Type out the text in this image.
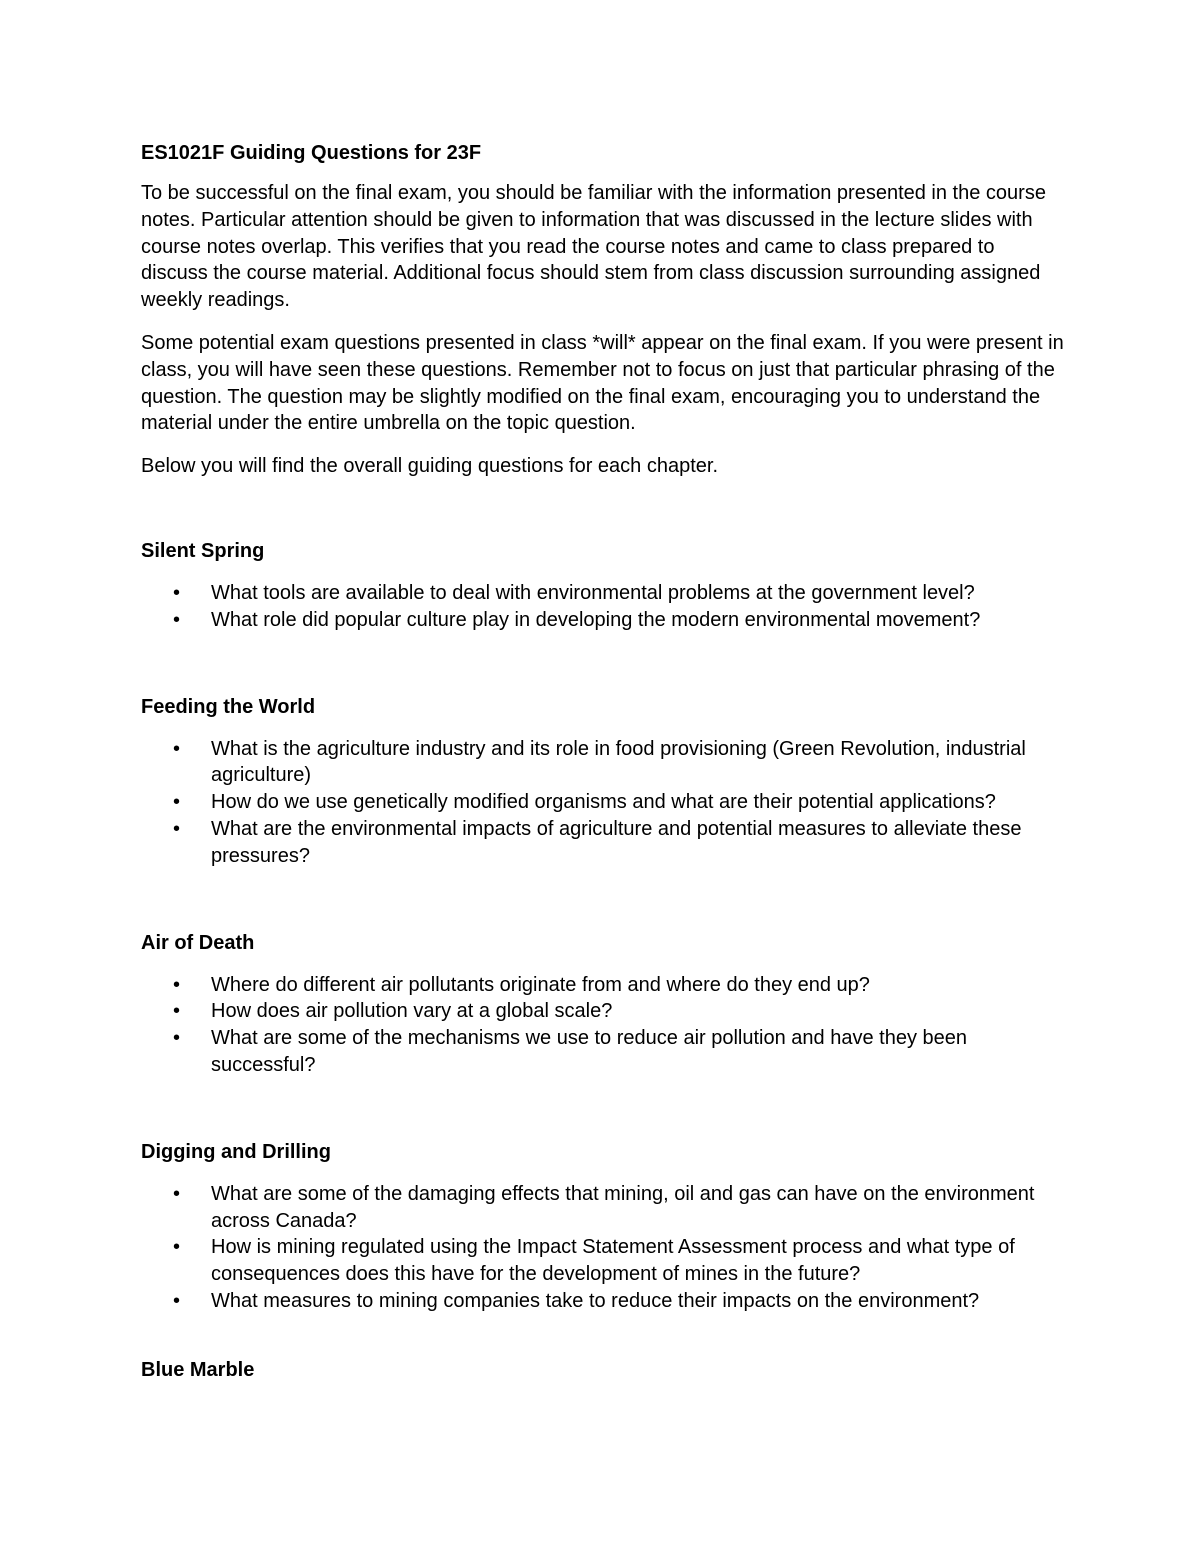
ES1021F Guiding Questions for 23F

To be successful on the final exam, you should be familiar with the information presented in the course notes. Particular attention should be given to information that was discussed in the lecture slides with course notes overlap. This verifies that you read the course notes and came to class prepared to discuss the course material. Additional focus should stem from class discussion surrounding assigned weekly readings.

Some potential exam questions presented in class *will* appear on the final exam. If you were present in class, you will have seen these questions. Remember not to focus on just that particular phrasing of the question. The question may be slightly modified on the final exam, encouraging you to understand the material under the entire umbrella on the topic question.

Below you will find the overall guiding questions for each chapter.

Silent Spring
• What tools are available to deal with environmental problems at the government level?
• What role did popular culture play in developing the modern environmental movement?
Feeding the World
• What is the agriculture industry and its role in food provisioning (Green Revolution, industrial agriculture)
• How do we use genetically modified organisms and what are their potential applications?
• What are the environmental impacts of agriculture and potential measures to alleviate these pressures?
Air of Death
• Where do different air pollutants originate from and where do they end up?
• How does air pollution vary at a global scale?
• What are some of the mechanisms we use to reduce air pollution and have they been successful?
Digging and Drilling
• What are some of the damaging effects that mining, oil and gas can have on the environment across Canada?
• How is mining regulated using the Impact Statement Assessment process and what type of consequences does this have for the development of mines in the future?
• What measures to mining companies take to reduce their impacts on the environment?
Blue Marble
